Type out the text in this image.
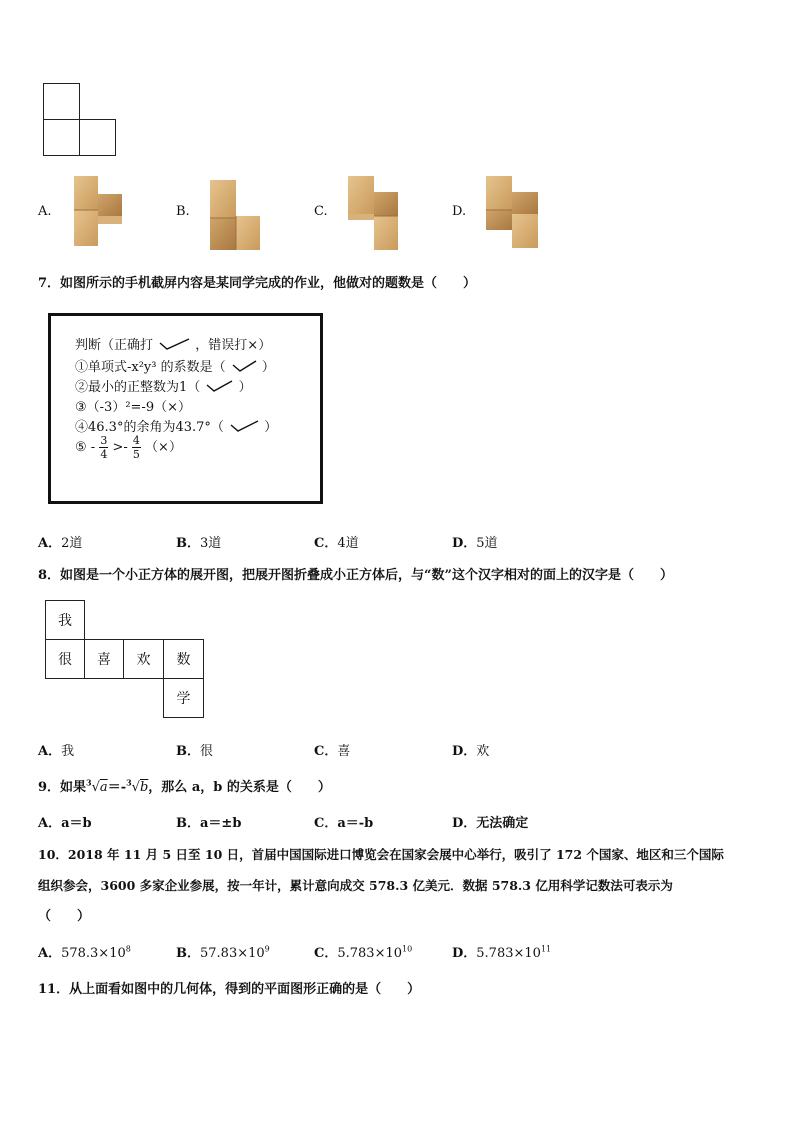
A.	B.	C.	D.
7．如图所示的手机截屏内容是某同学完成的作业，他做对的题数是（　　）
判断（正确打	，错误打×）
①单项式-x²y³ 的系数是（	）
②最小的正整数为1（	）
③（-3）²=-9（×）
④46.3°的余角为43.7°（	）
⑤ - $\frac{3}{4} >- \frac{4}{5}$ （×）
A．2道	B．3道	C．4道	D．5道
8．如图是一个小正方体的展开图，把展开图折叠成小正方体后，与“数”这个汉字相对的面上的汉字是（　　）
我
很	喜	欢	数
学
A．我	B．很	C．喜	D．欢
9．如果$^3$√a＝-$^3$√b，那么 a，b 的关系是（　　）
A．a＝b	B．a＝±b	C．a＝-b	D．无法确定
10．2018 年 11 月 5 日至 10 日，首届中国国际进口博览会在国家会展中心举行，吸引了 172 个国家、地区和三个国际
组织参会，3600 多家企业参展，按一年计，累计意向成交 578.3 亿美元．数据 578.3 亿用科学记数法可表示为
（　　）
A．$578.3\times 10^8$	B．$57.83\times 10^9$	C．$5.783\times 10^{10}$	D．$5.783\times 10^{11}$
11．从上面看如图中的几何体，得到的平面图形正确的是（　　）
